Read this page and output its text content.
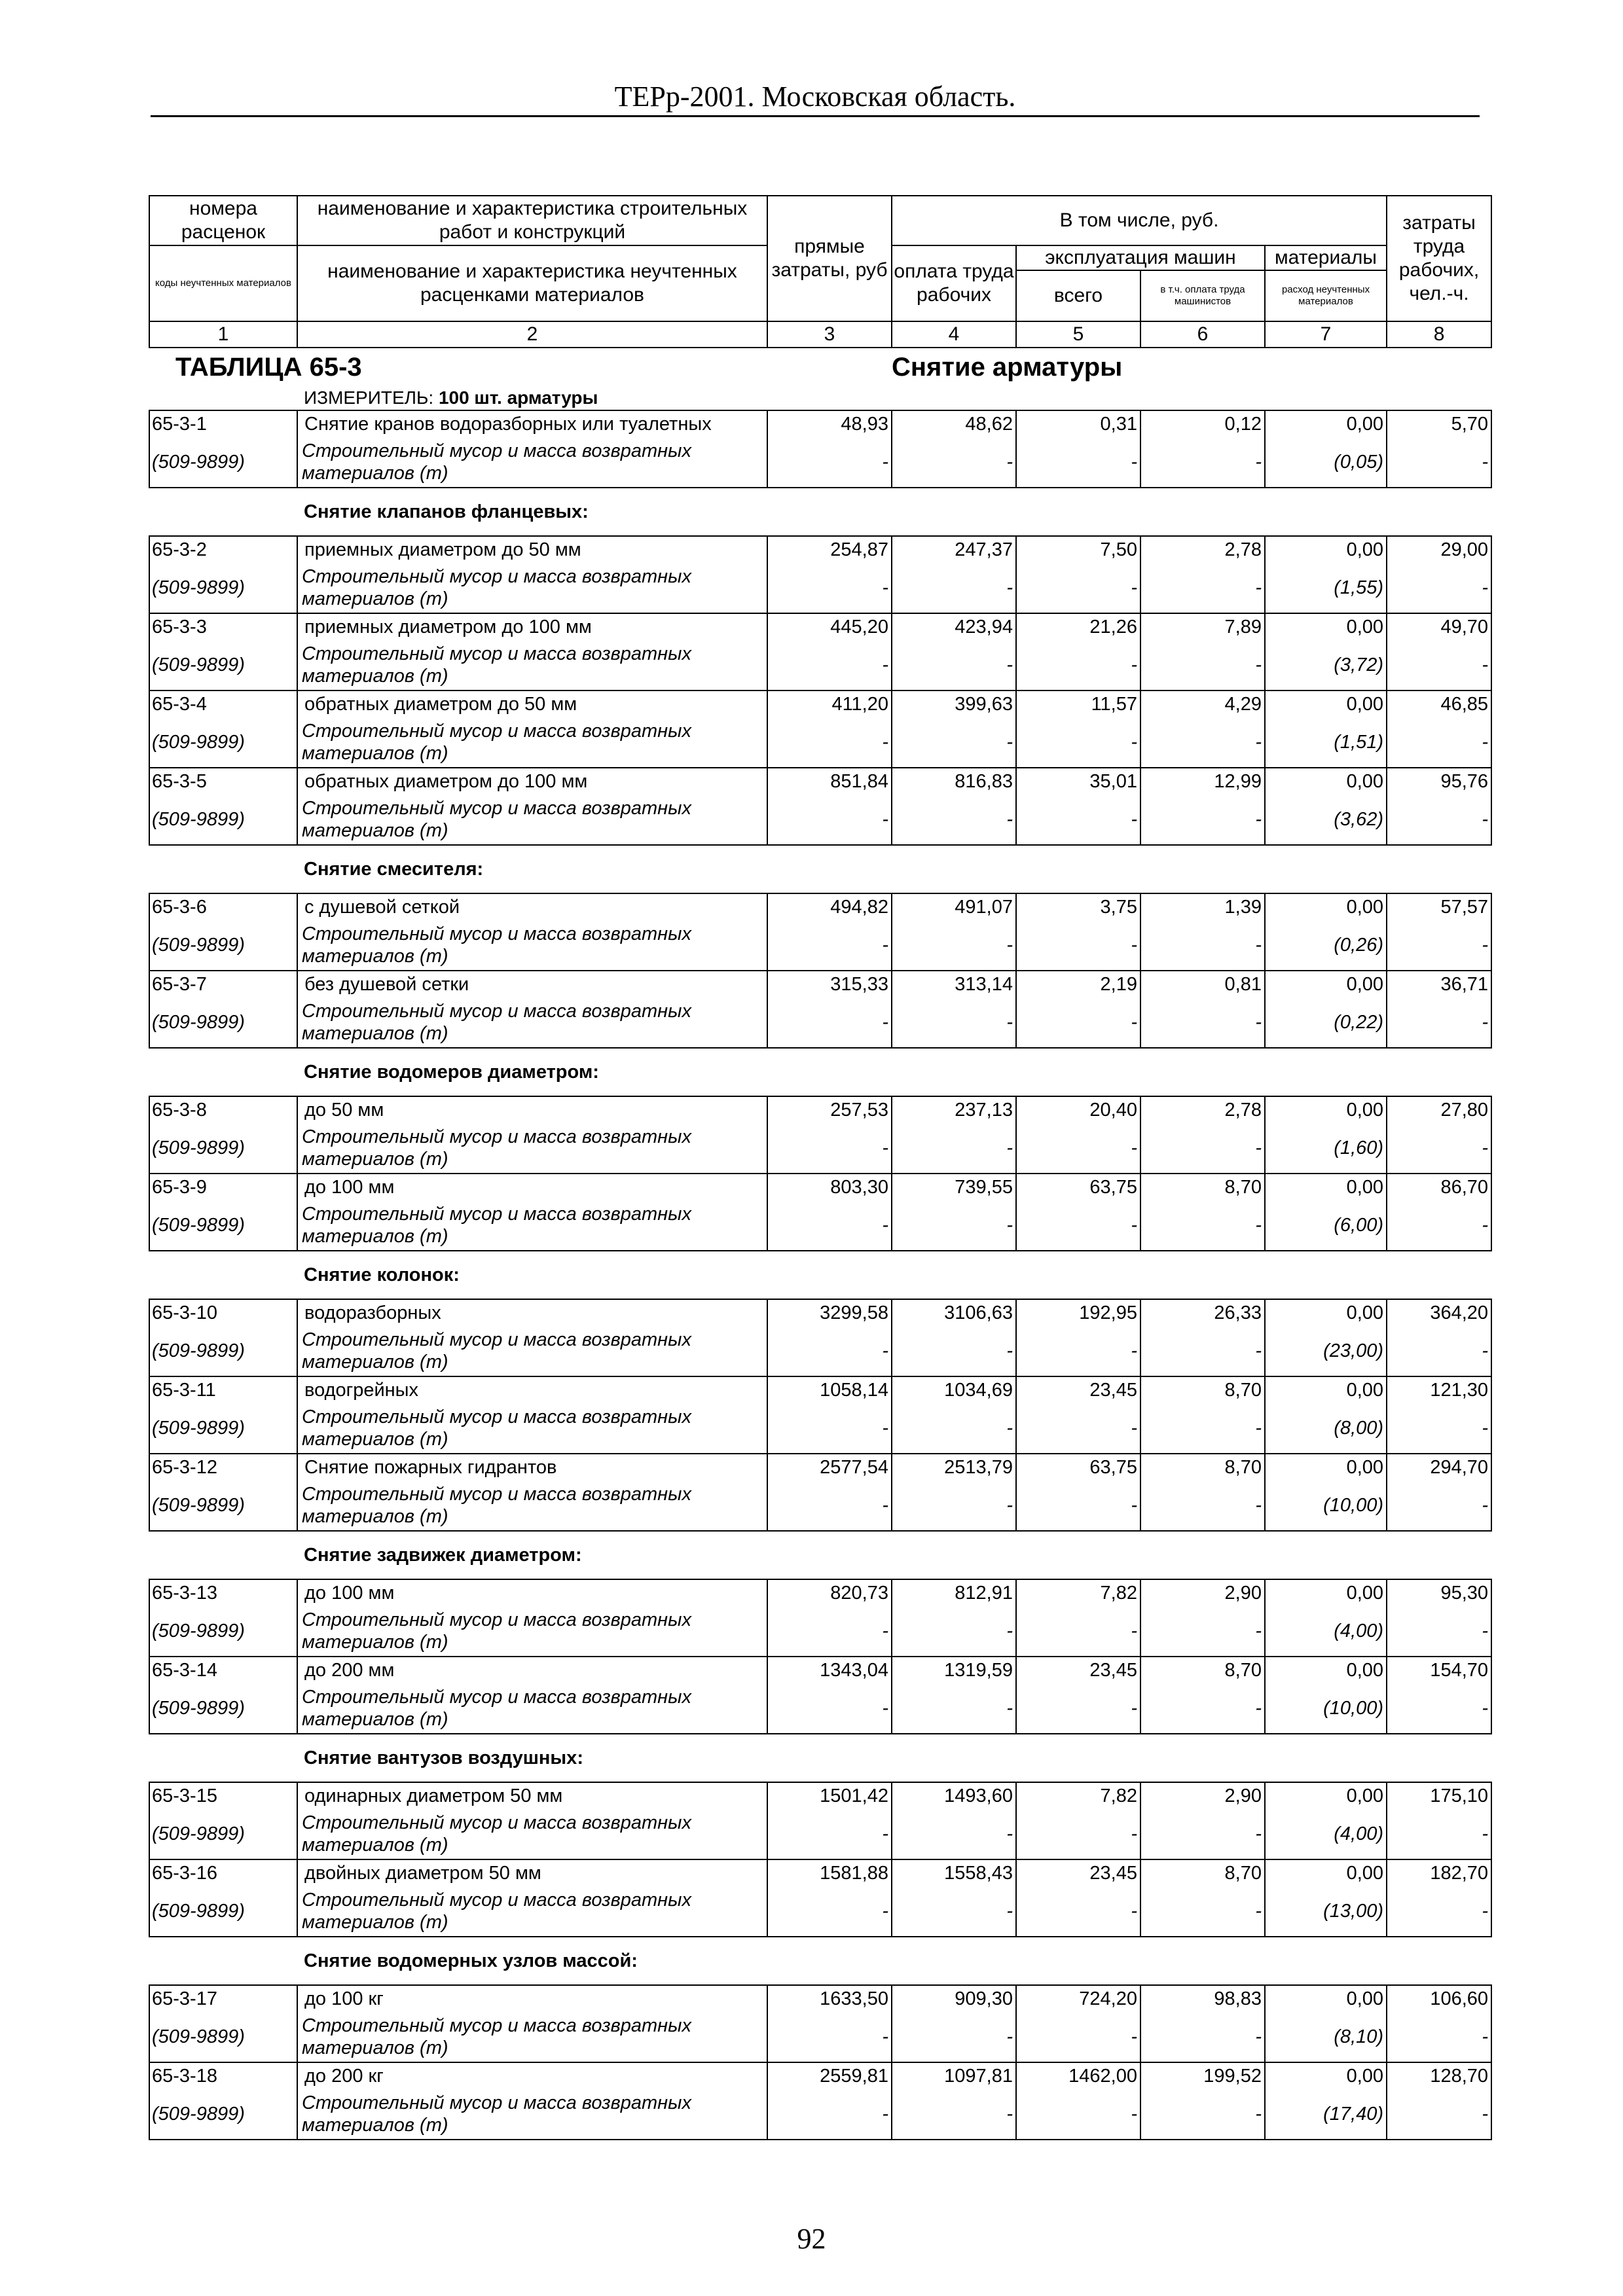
ТЕРр-2001. Московская область.
номера расценок	наименование и характеристика строительных работ и конструкций	прямые затраты, руб	В том числе, руб.				затраты труда рабочих, чел.-ч.
коды неучтенных материалов	наименование и характеристика неучтенных расценками материалов		оплата труда рабочих	эксплуатация машин		материалы	
				всего	в т.ч. оплата труда машинистов	расход неучтенных материалов	
1	2	3	4	5	6	7	8
ТАБЛИЦА 65-3			Снятие арматуры				
	ИЗМЕРИТЕЛЬ: 100 шт. арматуры						
65-3-1	Снятие кранов водоразборных или туалетных	48,93	48,62	0,31	0,12	0,00	5,70
(509-9899)	Строительный мусор и масса возвратных
материалов (т)	-	-	-	-	(0,05)	-
	Снятие клапанов фланцевых:						
65-3-2	приемных диаметром до 50 мм	254,87	247,37	7,50	2,78	0,00	29,00
(509-9899)	Строительный мусор и масса возвратных
материалов (т)	-	-	-	-	(1,55)	-
65-3-3	приемных диаметром до 100 мм	445,20	423,94	21,26	7,89	0,00	49,70
(509-9899)	Строительный мусор и масса возвратных
материалов (т)	-	-	-	-	(3,72)	-
65-3-4	обратных диаметром до 50 мм	411,20	399,63	11,57	4,29	0,00	46,85
(509-9899)	Строительный мусор и масса возвратных
материалов (т)	-	-	-	-	(1,51)	-
65-3-5	обратных диаметром до 100 мм	851,84	816,83	35,01	12,99	0,00	95,76
(509-9899)	Строительный мусор и масса возвратных
материалов (т)	-	-	-	-	(3,62)	-
	Снятие смесителя:						
65-3-6	с душевой сеткой	494,82	491,07	3,75	1,39	0,00	57,57
(509-9899)	Строительный мусор и масса возвратных
материалов (т)	-	-	-	-	(0,26)	-
65-3-7	без душевой сетки	315,33	313,14	2,19	0,81	0,00	36,71
(509-9899)	Строительный мусор и масса возвратных
материалов (т)	-	-	-	-	(0,22)	-
	Снятие водомеров диаметром:						
65-3-8	до 50 мм	257,53	237,13	20,40	2,78	0,00	27,80
(509-9899)	Строительный мусор и масса возвратных
материалов (т)	-	-	-	-	(1,60)	-
65-3-9	до 100 мм	803,30	739,55	63,75	8,70	0,00	86,70
(509-9899)	Строительный мусор и масса возвратных
материалов (т)	-	-	-	-	(6,00)	-
	Снятие колонок:						
65-3-10	водоразборных	3299,58	3106,63	192,95	26,33	0,00	364,20
(509-9899)	Строительный мусор и масса возвратных
материалов (т)	-	-	-	-	(23,00)	-
65-3-11	водогрейных	1058,14	1034,69	23,45	8,70	0,00	121,30
(509-9899)	Строительный мусор и масса возвратных
материалов (т)	-	-	-	-	(8,00)	-
65-3-12	Снятие пожарных гидрантов	2577,54	2513,79	63,75	8,70	0,00	294,70
(509-9899)	Строительный мусор и масса возвратных
материалов (т)	-	-	-	-	(10,00)	-
	Снятие задвижек диаметром:						
65-3-13	до 100 мм	820,73	812,91	7,82	2,90	0,00	95,30
(509-9899)	Строительный мусор и масса возвратных
материалов (т)	-	-	-	-	(4,00)	-
65-3-14	до 200 мм	1343,04	1319,59	23,45	8,70	0,00	154,70
(509-9899)	Строительный мусор и масса возвратных
материалов (т)	-	-	-	-	(10,00)	-
	Снятие вантузов воздушных:						
65-3-15	одинарных диаметром 50 мм	1501,42	1493,60	7,82	2,90	0,00	175,10
(509-9899)	Строительный мусор и масса возвратных
материалов (т)	-	-	-	-	(4,00)	-
65-3-16	двойных диаметром 50 мм	1581,88	1558,43	23,45	8,70	0,00	182,70
(509-9899)	Строительный мусор и масса возвратных
материалов (т)	-	-	-	-	(13,00)	-
	Снятие водомерных узлов массой:						
65-3-17	до 100 кг	1633,50	909,30	724,20	98,83	0,00	106,60
(509-9899)	Строительный мусор и масса возвратных
материалов (т)	-	-	-	-	(8,10)	-
65-3-18	до 200 кг	2559,81	1097,81	1462,00	199,52	0,00	128,70
(509-9899)	Строительный мусор и масса возвратных
материалов (т)	-	-	-	-	(17,40)	-
92
